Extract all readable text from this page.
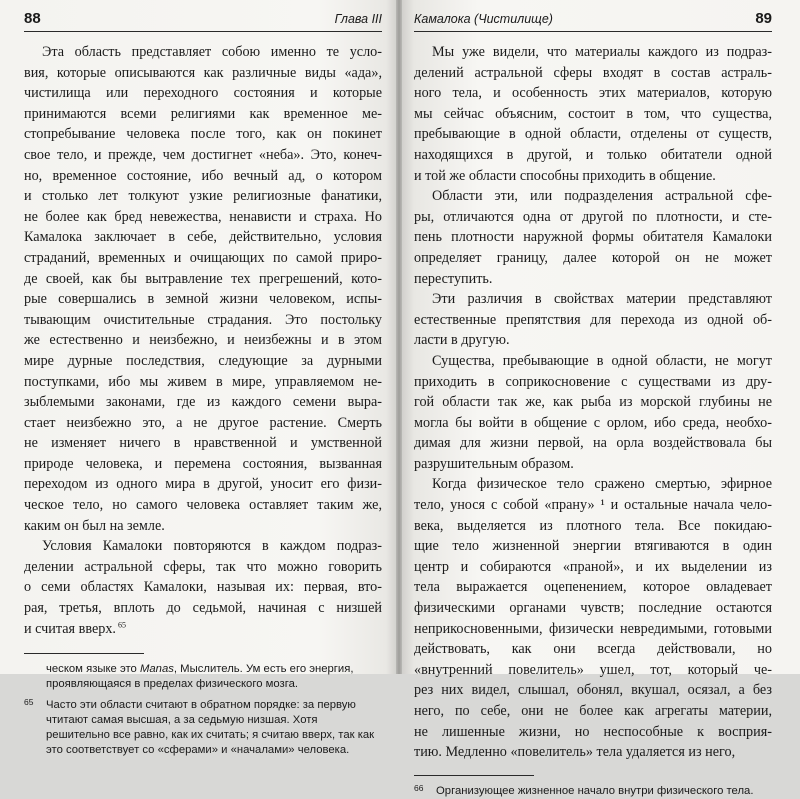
88	Глава III

Эта область представляет собою именно те усло-
вия, которые описываются как различные виды «ада»,
чистилища или переходного состояния и которые
принимаются всеми религиями как временное ме-
стопребывание человека после того, как он покинет
свое тело, и прежде, чем достигнет «неба». Это, конеч-
но, временное состояние, ибо вечный ад, о котором
и столько лет толкуют узкие религиозные фанатики,
не более как бред невежества, ненависти и страха. Но
Камалока заключает в себе, действительно, условия
страданий, временных и очищающих по самой приро-
де своей, как бы вытравление тех прегрешений, кото-
рые совершались в земной жизни человеком, испы-
тывающим очистительные страдания. Это постольку
же естественно и неизбежно, и неизбежны и в этом
мире дурные последствия, следующие за дурными
поступками, ибо мы живем в мире, управляемом не-
зыблемыми законами, где из каждого семени выра-
стает неизбежно это, а не другое растение. Смерть
не изменяет ничего в нравственной и умственной
природе человека, и перемена состояния, вызванная
переходом из одного мира в другой, уносит его физи-
ческое тело, но самого человека оставляет таким же,
каким он был на земле.

Условия Камалоки повторяются в каждом подраз-
делении астральной сферы, так что можно говорить
о семи областях Камалоки, называя их: первая, вто-
рая, третья, вплоть до седьмой, начиная с низшей
и считая вверх. $^{65}$

ческом языке это Manas, Мыслитель. Ум есть его энергия, проявляющаяся в пределах физического мозга.
65 Часто эти области считают в обратном порядке: за первую чтитают самая высшая, а за седьмую низшая. Хотя решительно все равно, как их считать; я считаю вверх, так как это соответствует со «сферами» и «началами» человека.
Камалока (Чистилище)	89

Мы уже видели, что материалы каждого из подраз-
делений астральной сферы входят в состав астраль-
ного тела, и особенность этих материалов, которую
мы сейчас объясним, состоит в том, что существа,
пребывающие в одной области, отделены от существ,
находящихся в другой, и только обитатели одной
и той же области способны приходить в общение.

Области эти, или подразделения астральной сфе-
ры, отличаются одна от другой по плотности, и сте-
пень плотности наружной формы обитателя Камалоки
определяет границу, далее которой он не может
переступить.

Эти различия в свойствах материи представляют
естественные препятствия для перехода из одной об-
ласти в другую.

Существа, пребывающие в одной области, не могут
приходить в соприкосновение с существами из дру-
гой области так же, как рыба из морской глубины не
могла бы войти в общение с орлом, ибо среда, необхо-
димая для жизни первой, на орла воздействовала бы
разрушительным образом.

Когда физическое тело сражено смертью, эфирное
тело, унося с собой «прану» ¹ и остальные начала чело-
века, выделяется из плотного тела. Все покидаю-
щие тело жизненной энергии втягиваются в один
центр и собираются «праной», и их выделении из
тела выражается оцепенением, которое овладевает
физическими органами чувств; последние остаются
неприкосновенными, физически невредимыми, готовыми
действовать, как они всегда действовали, но
«внутренний повелитель» ушел, тот, который че-
рез них видел, слышал, обонял, вкушал, осязал, а без
него, по себе, они не более как агрегаты материи,
не лишенные жизни, но неспособные к восприя-
тию. Медленно «повелитель» тела удаляется из него,

66 Организующее жизненное начало внутри физического тела.
